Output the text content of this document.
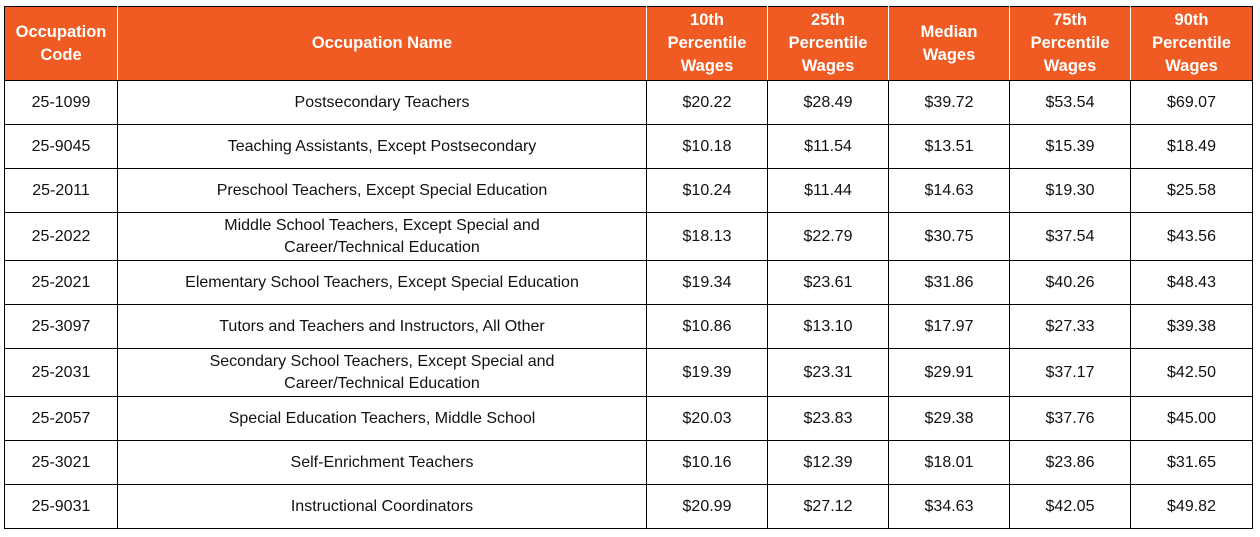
Occupation Code	Occupation Name	10th Percentile Wages	25th Percentile Wages	Median Wages	75th Percentile Wages	90th Percentile Wages
25-1099	Postsecondary Teachers	$20.22	$28.49	$39.72	$53.54	$69.07
25-9045	Teaching Assistants, Except Postsecondary	$10.18	$11.54	$13.51	$15.39	$18.49
25-2011	Preschool Teachers, Except Special Education	$10.24	$11.44	$14.63	$19.30	$25.58
25-2022	Middle School Teachers, Except Special and Career/Technical Education	$18.13	$22.79	$30.75	$37.54	$43.56
25-2021	Elementary School Teachers, Except Special Education	$19.34	$23.61	$31.86	$40.26	$48.43
25-3097	Tutors and Teachers and Instructors, All Other	$10.86	$13.10	$17.97	$27.33	$39.38
25-2031	Secondary School Teachers, Except Special and Career/Technical Education	$19.39	$23.31	$29.91	$37.17	$42.50
25-2057	Special Education Teachers, Middle School	$20.03	$23.83	$29.38	$37.76	$45.00
25-3021	Self-Enrichment Teachers	$10.16	$12.39	$18.01	$23.86	$31.65
25-9031	Instructional Coordinators	$20.99	$27.12	$34.63	$42.05	$49.82
